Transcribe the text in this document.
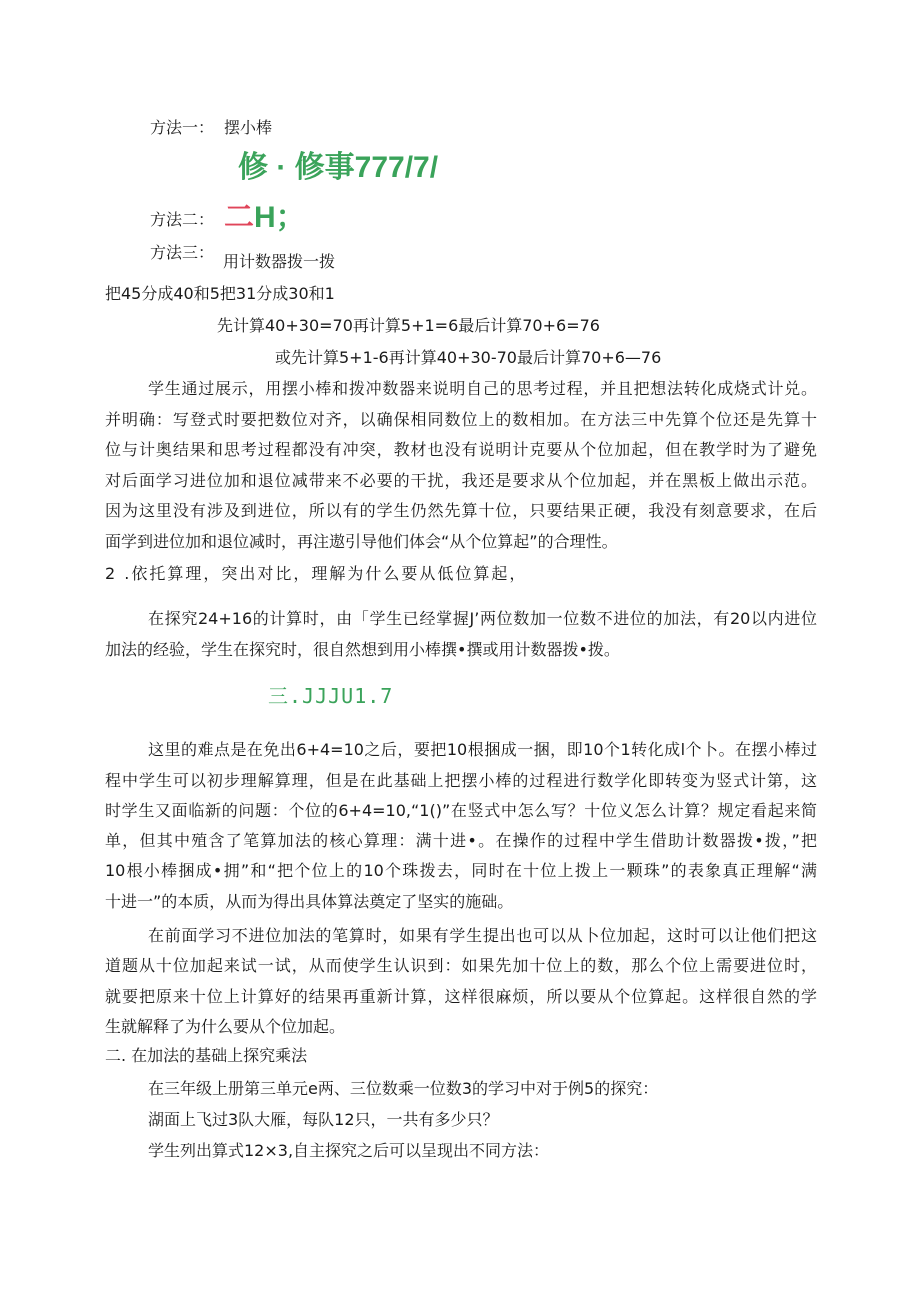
方法一： 摆小棒
修 · 修事777/7/
方法二： 二H；
方法三： 用计数器拨一拨
把45分成40和5把31分成30和1
先计算40+30=70再计算5+1=6最后计算70+6=76
或先计算5+1-6再计算40+30-70最后计算70+6—76
学生通过展示，用摆小棒和拨冲数器来说明自己的思考过程，并且把想法转化成烧式计兑。
并明确：写登式时要把数位对齐，以确保相同数位上的数相加。在方法三中先算个位还是先算十
位与计奥结果和思考过程都没有冲突，教材也没有说明计克要从个位加起，但在教学时为了避免
对后面学习进位加和退位减带来不必要的干扰，我还是要求从个位加起，并在黑板上做出示范。
因为这里没有涉及到进位，所以有的学生仍然先算十位，只要结果正硬，我没有刻意要求，在后
面学到进位加和退位减时，再注遨引导他们体会“从个位算起”的合理性。
2 .依托算理，突出对比，理解为什么要从低位算起，
在探究24+16的计算时，由「学生已经掌握J’两位数加一位数不进位的加法，有20以内进位
加法的经验，学生在探究时，很自然想到用小棒撰•撰或用计数器拨•拨。
三.JJJU1.7
这里的难点是在免出6+4=10之后，要把10根捆成一捆，即10个1转化成l个卜。在摆小棒过
程中学生可以初步理解算理，但是在此基础上把摆小棒的过程进行数学化即转变为竖式计第，这
时学生又面临新的问题：个位的6+4=10,“1()”在竖式中怎么写？十位义怎么计算？规定看起来简
单，但其中殖含了笔算加法的核心算理：满十进•。在操作的过程中学生借助计数器拨•拨，”把
10根小棒捆成•拥”和“把个位上的10个珠拨去，同时在十位上拨上一颗珠”的表象真正理解“满
十进一”的本质，从而为得出具体算法奠定了坚实的施础。
在前面学习不进位加法的笔算时，如果有学生提出也可以从卜位加起，这时可以让他们把这
道题从十位加起来试一试，从而使学生认识到：如果先加十位上的数，那么个位上需要进位时，
就要把原来十位上计算好的结果再重新计算，这样很麻烦，所以要从个位算起。这样很自然的学
生就解释了为什么要从个位加起。
二. 在加法的基础上探究乘法
在三年级上册第三单元e两、三位数乘一位数3的学习中对于例5的探究：
湖面上飞过3队大雁，每队12只，一共有多少只？
学生列出算式12×3,自主探究之后可以呈现出不同方法：
